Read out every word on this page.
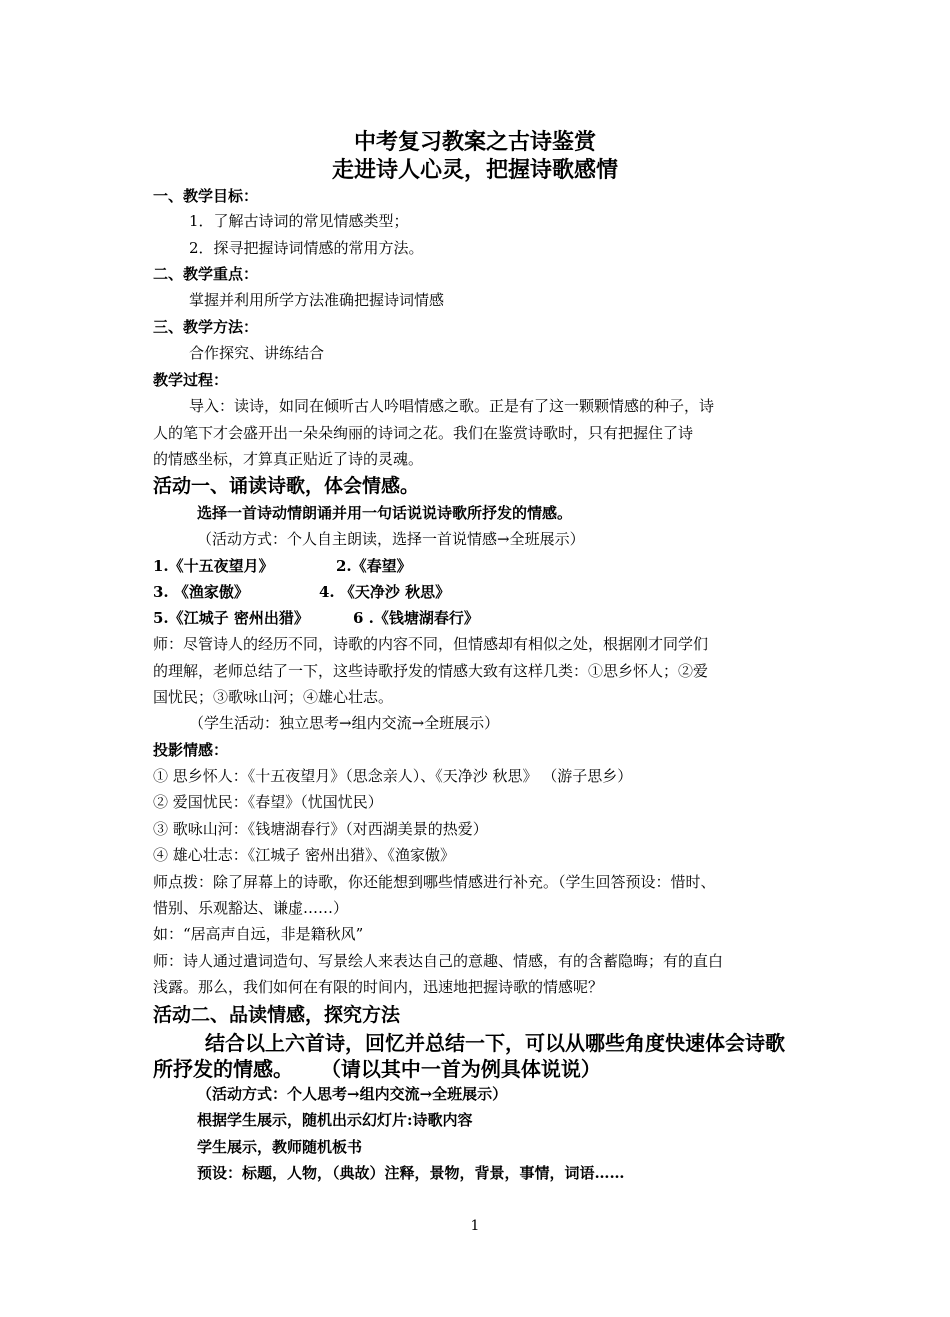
中考复习教案之古诗鉴赏
走进诗人心灵，把握诗歌感情
一、教学目标：
1．了解古诗词的常见情感类型；
2．探寻把握诗词情感的常用方法。
二、教学重点：
掌握并利用所学方法准确把握诗词情感
三、教学方法：
合作探究、讲练结合
教学过程：
导入：读诗，如同在倾听古人吟唱情感之歌。正是有了这一颗颗情感的种子，诗
人的笔下才会盛开出一朵朵绚丽的诗词之花。我们在鉴赏诗歌时，只有把握住了诗
的情感坐标，才算真正贴近了诗的灵魂。
活动一、诵读诗歌，体会情感。
选择一首诗动情朗诵并用一句话说说诗歌所抒发的情感。
（活动方式：个人自主朗读，选择一首说情感→全班展示）
1.《十五夜望月》	2.《春望》
3. 《渔家傲》	4. 《天净沙 秋思》
5.《江城子 密州出猎》	6 .《钱塘湖春行》
师：尽管诗人的经历不同，诗歌的内容不同，但情感却有相似之处，根据刚才同学们
的理解，老师总结了一下，这些诗歌抒发的情感大致有这样几类：①思乡怀人；②爱
国忧民；③歌咏山河；④雄心壮志。
（学生活动：独立思考→组内交流→全班展示）
投影情感：
① 思乡怀人：《十五夜望月》（思念亲人）、《天净沙 秋思》 （游子思乡）
② 爱国忧民：《春望》（忧国忧民）
③ 歌咏山河：《钱塘湖春行》（对西湖美景的热爱）
④ 雄心壮志：《江城子 密州出猎》、《渔家傲》
师点拨：除了屏幕上的诗歌，你还能想到哪些情感进行补充。（学生回答预设：惜时、
惜别、乐观豁达、谦虚……）
如：“居高声自远，非是籍秋风”
师：诗人通过遣词造句、写景绘人来表达自己的意趣、情感，有的含蓄隐晦；有的直白
浅露。那么，我们如何在有限的时间内，迅速地把握诗歌的情感呢？
活动二、品读情感，探究方法
结合以上六首诗，回忆并总结一下，可以从哪些角度快速体会诗歌
所抒发的情感。    （请以其中一首为例具体说说）
（活动方式：个人思考→组内交流→全班展示）
根据学生展示，随机出示幻灯片:诗歌内容
学生展示，教师随机板书
预设：标题，人物，（典故）注释，景物，背景，事情，词语……
1
